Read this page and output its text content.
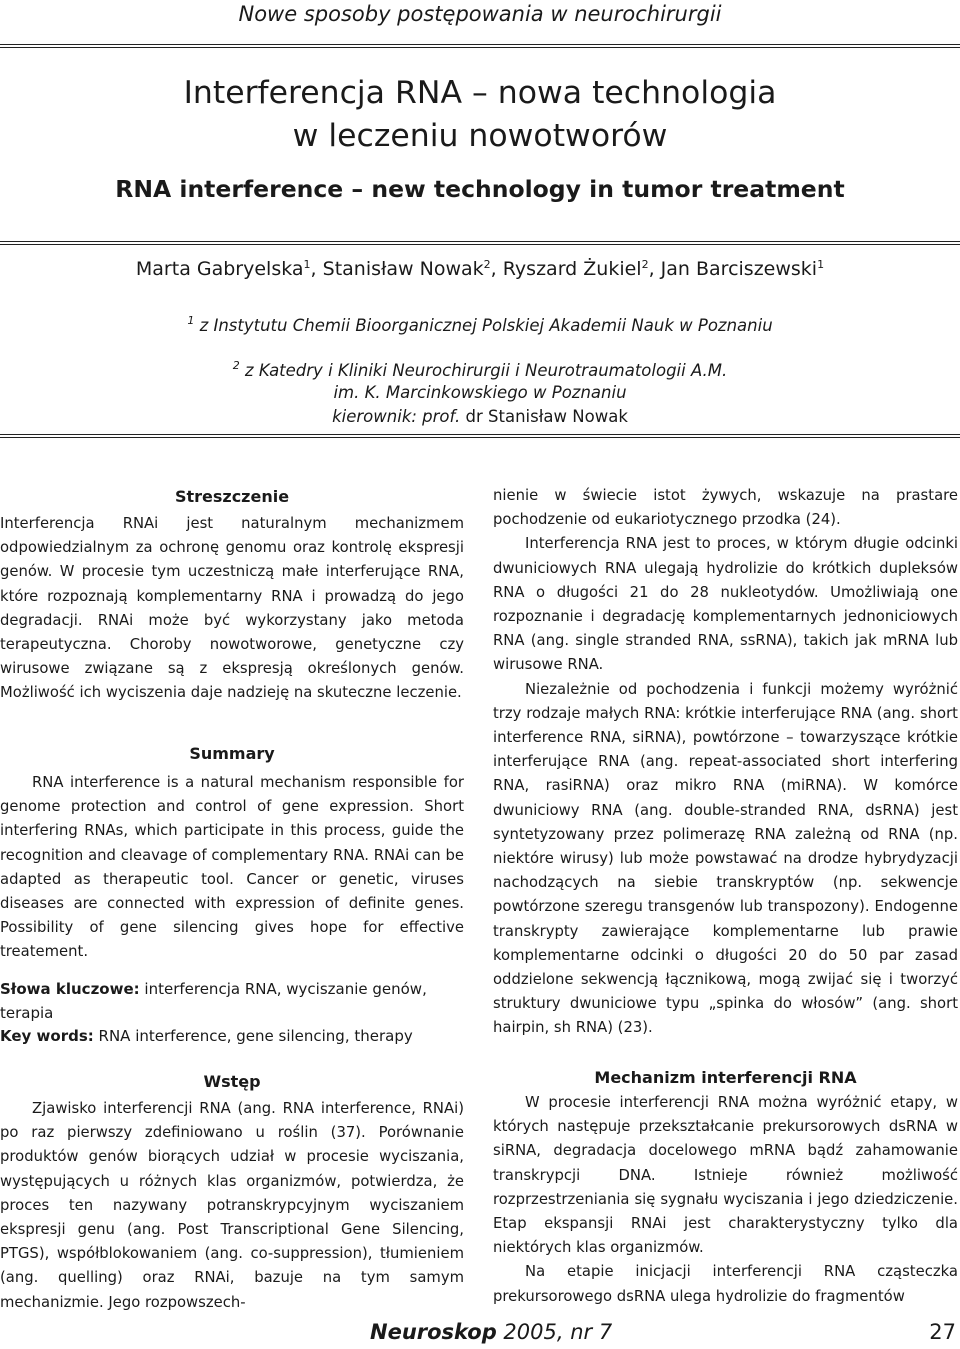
Nowe sposoby postępowania w neurochirurgii
Interferencja RNA – nowa technologia
w leczeniu nowotworów
RNA interference – new technology in tumor treatment
Marta Gabryelska$^1$, Stanisław Nowak$^2$, Ryszard Żukiel$^2$, Jan Barciszewski$^1$
$^1$ z Instytutu Chemii Bioorganicznej Polskiej Akademii Nauk w Poznaniu
$^2$ z Katedry i Kliniki Neurochirurgii i Neurotraumatologii A.M.
im. K. Marcinkowskiego w Poznaniu
kierownik: prof. dr Stanisław Nowak
Streszczenie

Interferencja RNAi jest naturalnym mechanizmem odpowiedzialnym za ochronę genomu oraz kontrolę ekspresji genów. W procesie tym uczestniczą małe interferujące RNA, które rozpoznają komplementarny RNA i prowadzą do jego degradacji. RNAi może być wykorzystany jako metoda terapeutyczna. Choroby nowotworowe, genetyczne czy wirusowe związane są z ekspresją określonych genów. Możliwość ich wyciszenia daje nadzieję na skuteczne leczenie.

Summary

RNA interference is a natural mechanism responsible for genome protection and control of gene expression. Short interfering RNAs, which participate in this process, guide the recognition and cleavage of complementary RNA. RNAi can be adapted as therapeutic tool. Cancer or genetic, viruses diseases are connected with expression of definite genes. Possibility of gene silencing gives hope for effective treatement.

Słowa kluczowe: interferencja RNA, wyciszanie genów, terapia
Key words: RNA interference, gene silencing, therapy
Wstęp

Zjawisko interferencji RNA (ang. RNA interference, RNAi) po raz pierwszy zdefiniowano u roślin (37). Porównanie produktów genów biorących udział w procesie wyciszania, występujących u różnych klas organizmów, potwierdza, że proces ten nazywany potranskrypcyjnym wyciszaniem ekspresji genu (ang. Post Transcriptional Gene Silencing, PTGS), współblokowaniem (ang. co-suppression), tłumieniem (ang. quelling) oraz RNAi, bazuje na tym samym mechanizmie. Jego rozpowszech-

nienie w świecie istot żywych, wskazuje na prastare pochodzenie od eukariotycznego przodka (24).

Interferencja RNA jest to proces, w którym długie odcinki dwuniciowych RNA ulegają hydrolizie do krótkich dupleksów RNA o długości 21 do 28 nukleotydów. Umożliwiają one rozpoznanie i degradację komplementarnych jednoniciowych RNA (ang. single stranded RNA, ssRNA), takich jak mRNA lub wirusowe RNA.

Niezależnie od pochodzenia i funkcji możemy wyróżnić trzy rodzaje małych RNA: krótkie interferujące RNA (ang. short interference RNA, siRNA), powtórzone – towarzyszące krótkie interferujące RNA (ang. repeat-associated short interfering RNA, rasiRNA) oraz mikro RNA (miRNA). W komórce dwuniciowy RNA (ang. double-stranded RNA, dsRNA) jest syntetyzowany przez polimerazę RNA zależną od RNA (np. niektóre wirusy) lub może powstawać na drodze hybrydyzacji nachodzących na siebie transkryptów (np. sekwencje powtórzone szeregu transgenów lub transpozony). Endogenne transkrypty zawierające komplementarne lub prawie komplementarne odcinki o długości 20 do 50 par zasad oddzielone sekwencją łącznikową, mogą zwijać się i tworzyć struktury dwuniciowe typu „spinka do włosów” (ang. short hairpin, sh RNA) (23).

Mechanizm interferencji RNA

W procesie interferencji RNA można wyróżnić etapy, w których następuje przekształcanie prekursorowych dsRNA w siRNA, degradacja docelowego mRNA bądź zahamowanie transkrypcji DNA. Istnieje również możliwość rozprzestrzeniania się sygnału wyciszania i jego dziedziczenie. Etap ekspansji RNAi jest charakterystyczny tylko dla niektórych klas organizmów.

Na etapie inicjacji interferencji RNA cząsteczka prekursorowego dsRNA ulega hydrolizie do fragmentów

Neuroskop 2005, nr 7	27
